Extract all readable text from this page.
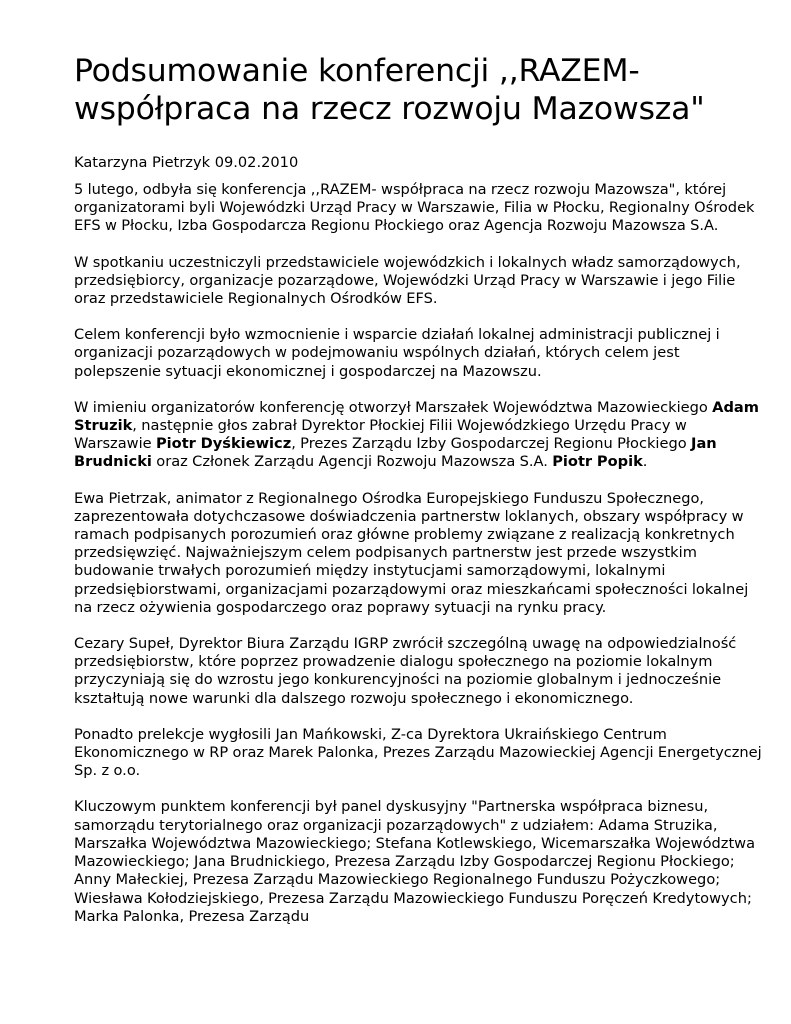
Podsumowanie konferencji ,,RAZEM- współpraca na rzecz rozwoju Mazowsza"

Katarzyna Pietrzyk 09.02.2010

5 lutego, odbyła się konferencja ,,RAZEM- współpraca na rzecz rozwoju Mazowsza", której organizatorami byli Wojewódzki Urząd Pracy w Warszawie, Filia w Płocku, Regionalny Ośrodek EFS w Płocku, Izba Gospodarcza Regionu Płockiego oraz Agencja Rozwoju Mazowsza S.A.

W spotkaniu uczestniczyli przedstawiciele wojewódzkich i lokalnych władz samorządowych, przedsiębiorcy, organizacje pozarządowe, Wojewódzki Urząd Pracy w Warszawie i jego Filie oraz przedstawiciele Regionalnych Ośrodków EFS.

Celem konferencji było wzmocnienie i wsparcie działań lokalnej administracji publicznej i organizacji pozarządowych w podejmowaniu wspólnych działań, których celem jest polepszenie sytuacji ekonomicznej i gospodarczej na Mazowszu.

W imieniu organizatorów konferencję otworzył Marszałek Województwa Mazowieckiego Adam Struzik, następnie głos zabrał Dyrektor Płockiej Filii Wojewódzkiego Urzędu Pracy w Warszawie Piotr Dyśkiewicz, Prezes Zarządu Izby Gospodarczej Regionu Płockiego Jan Brudnicki oraz Członek Zarządu Agencji Rozwoju Mazowsza S.A. Piotr Popik.

Ewa Pietrzak, animator z Regionalnego Ośrodka Europejskiego Funduszu Społecznego, zaprezentowała dotychczasowe doświadczenia partnerstw loklanych, obszary współpracy w ramach podpisanych porozumień oraz główne problemy związane z realizacją konkretnych przedsięwzięć. Najważniejszym celem podpisanych partnerstw jest przede wszystkim budowanie trwałych porozumień między instytucjami samorządowymi, lokalnymi przedsiębiorstwami, organizacjami pozarządowymi oraz mieszkańcami społeczności lokalnej na rzecz ożywienia gospodarczego oraz poprawy sytuacji na rynku pracy.

Cezary Supeł, Dyrektor Biura Zarządu IGRP zwrócił szczególną uwagę na odpowiedzialność przedsiębiorstw, które poprzez prowadzenie dialogu społecznego na poziomie lokalnym przyczyniają się do wzrostu jego konkurencyjności na poziomie globalnym i jednocześnie kształtują nowe warunki dla dalszego rozwoju społecznego i ekonomicznego.

Ponadto prelekcje wygłosili Jan Mańkowski, Z-ca Dyrektora Ukraińskiego Centrum Ekonomicznego w RP oraz Marek Palonka, Prezes Zarządu Mazowieckiej Agencji Energetycznej Sp. z o.o.

Kluczowym punktem konferencji był panel dyskusyjny "Partnerska współpraca biznesu, samorządu terytorialnego oraz organizacji pozarządowych" z udziałem: Adama Struzika, Marszałka Województwa Mazowieckiego; Stefana Kotlewskiego, Wicemarszałka Województwa Mazowieckiego; Jana Brudnickiego, Prezesa Zarządu Izby Gospodarczej Regionu Płockiego; Anny Małeckiej, Prezesa Zarządu Mazowieckiego Regionalnego Funduszu Pożyczkowego; Wiesława Kołodziejskiego, Prezesa Zarządu Mazowieckiego Funduszu Poręczeń Kredytowych; Marka Palonka, Prezesa Zarządu
